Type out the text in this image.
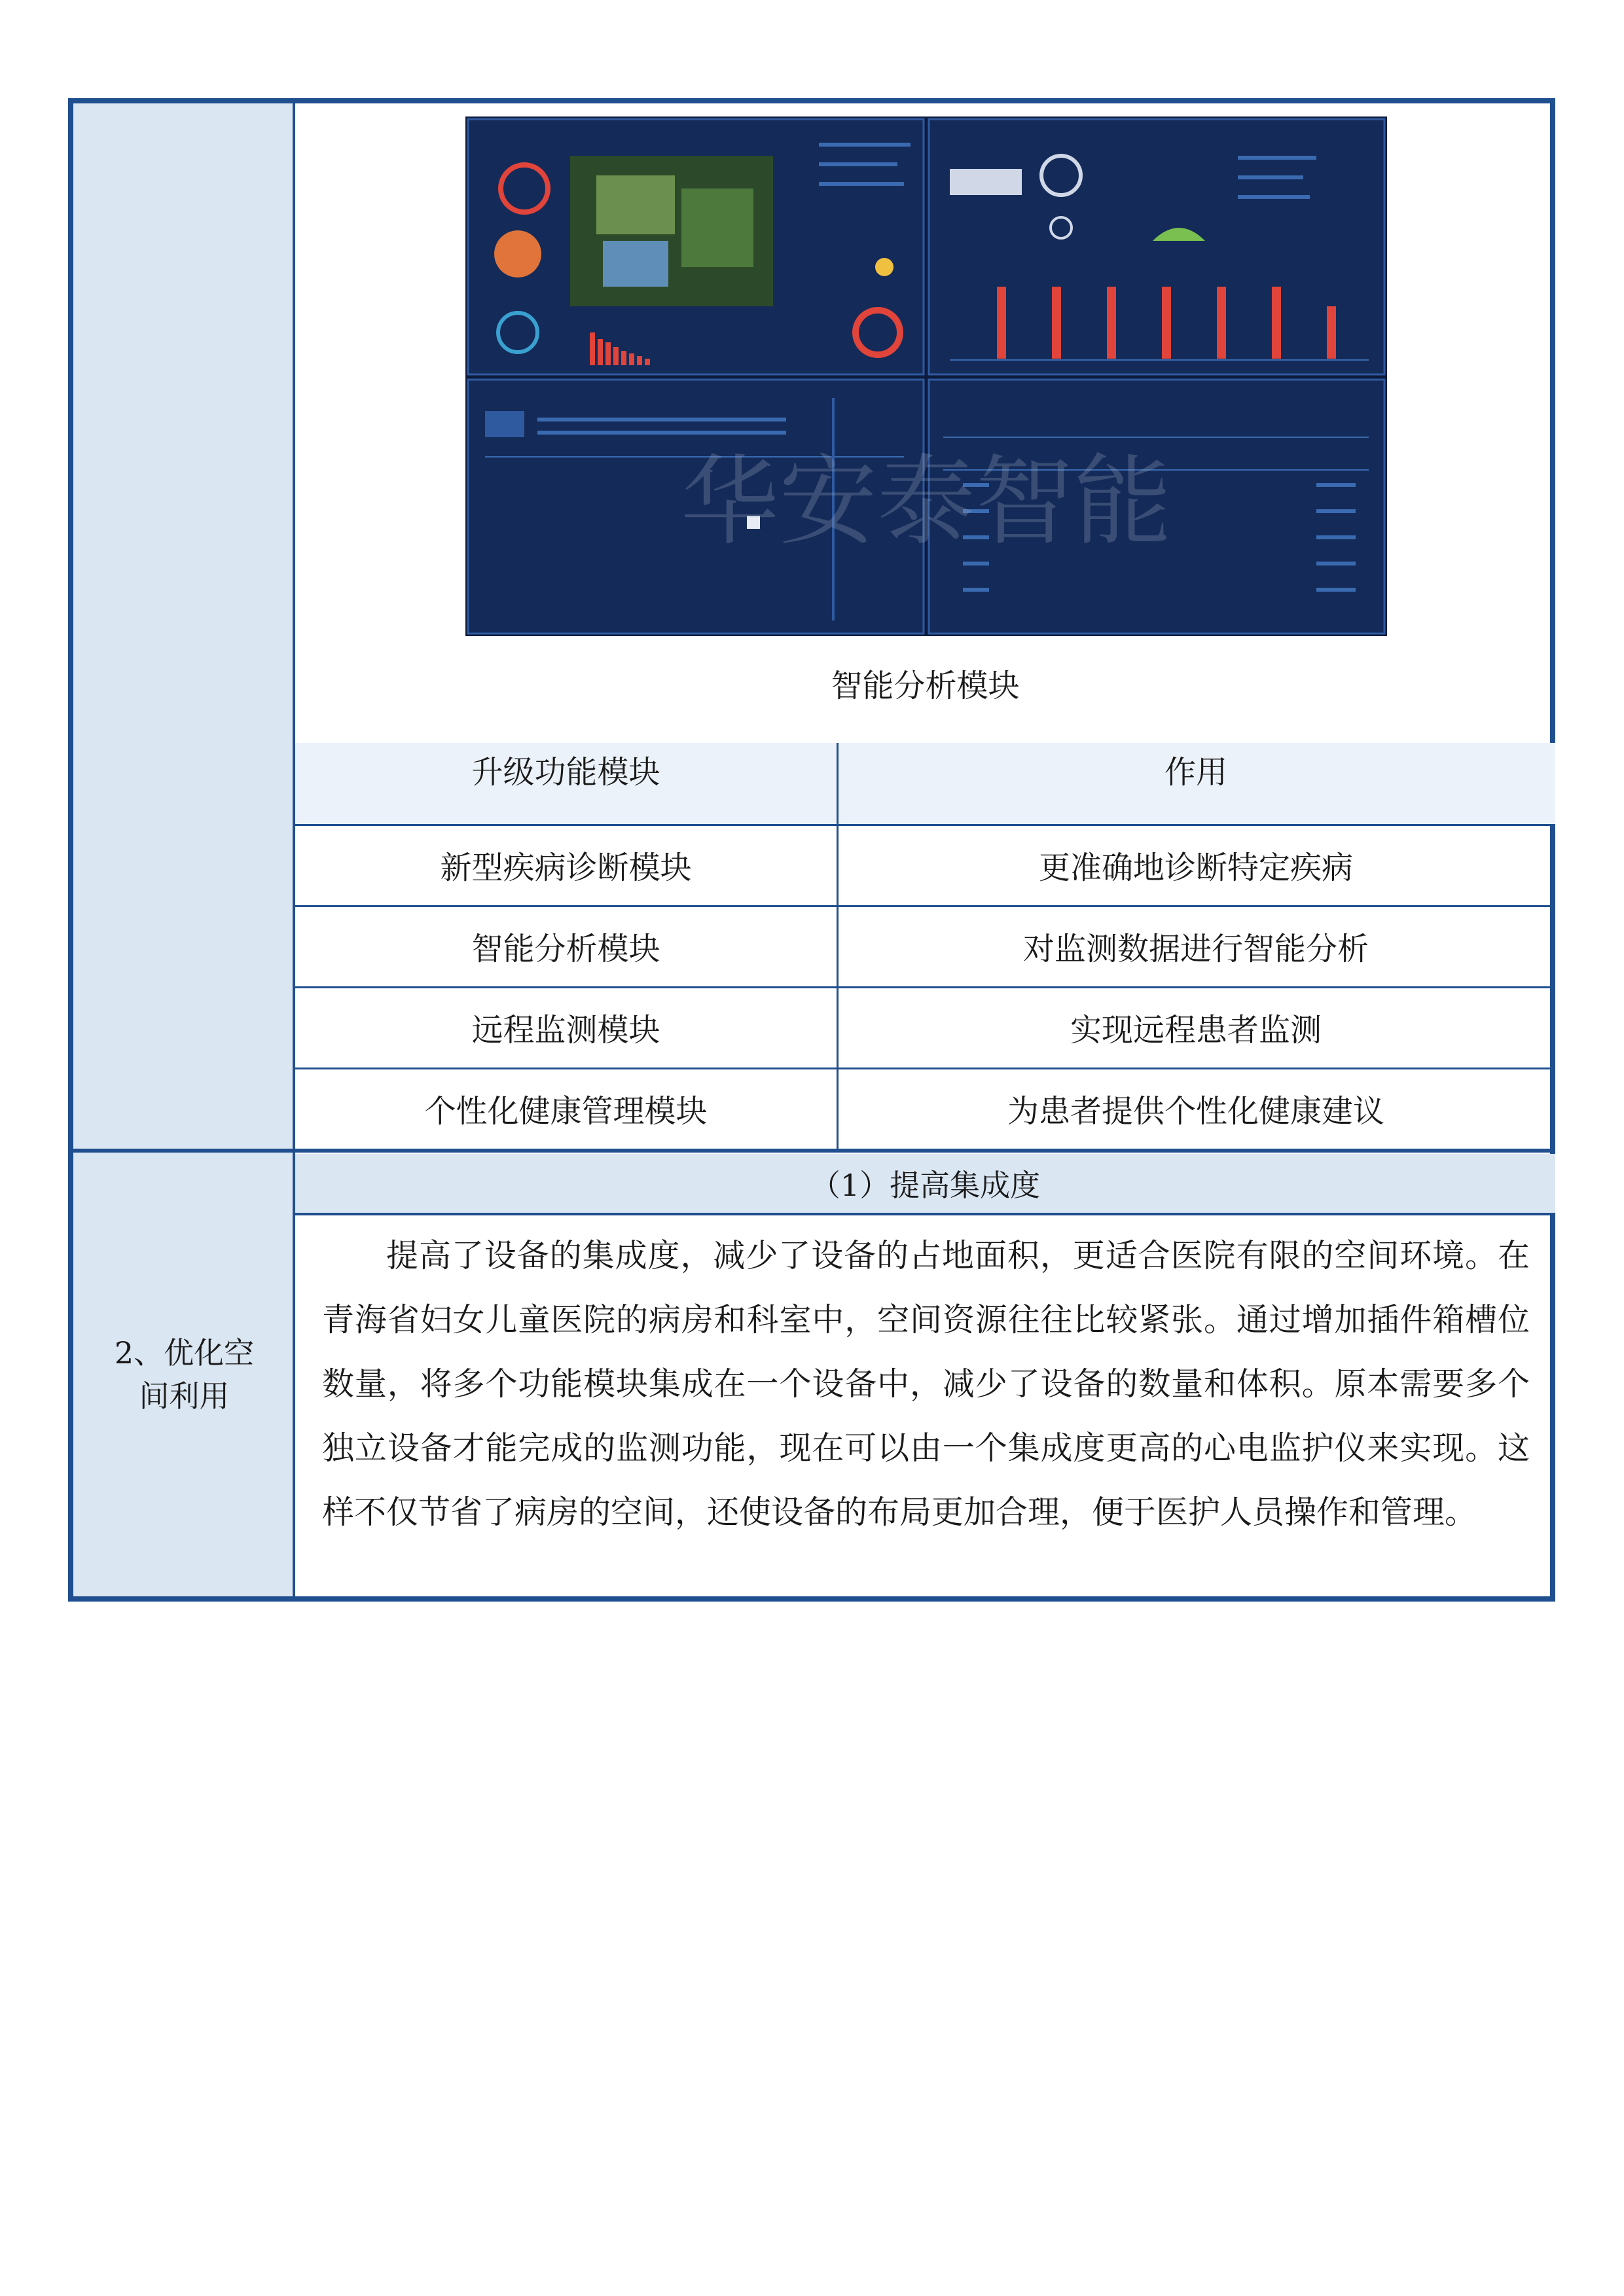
华安泰智能
智能分析模块
升级功能模块	作用
新型疾病诊断模块	更准确地诊断特定疾病
智能分析模块	对监测数据进行智能分析
远程监测模块	实现远程患者监测
个性化健康管理模块	为患者提供个性化健康建议
2、优化空间利用
（1）提高集成度
提高了设备的集成度，减少了设备的占地面积，更适合医院有限的空间环境。在青海省妇女儿童医院的病房和科室中，空间资源往往比较紧张。通过增加插件箱槽位数量，将多个功能模块集成在一个设备中，减少了设备的数量和体积。原本需要多个独立设备才能完成的监测功能，现在可以由一个集成度更高的心电监护仪来实现。这样不仅节省了病房的空间，还使设备的布局更加合理，便于医护人员操作和管理。
